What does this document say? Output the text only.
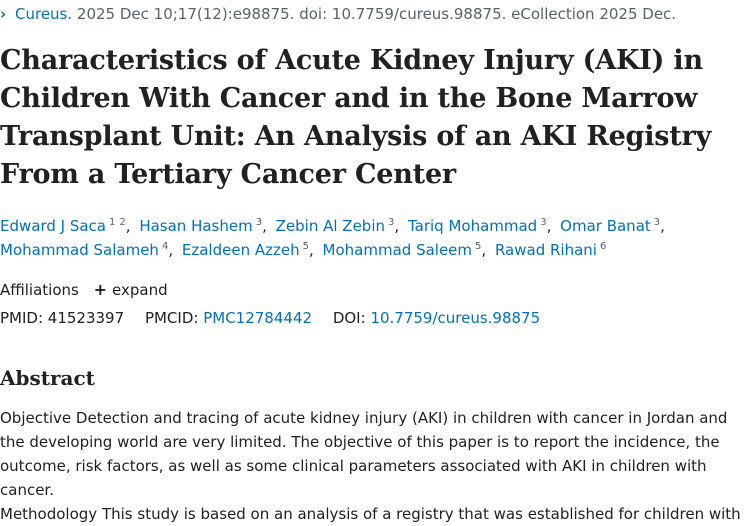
› Cureus. 2025 Dec 10;17(12):e98875. doi: 10.7759/cureus.98875. eCollection 2025 Dec.
Characteristics of Acute Kidney Injury (AKI) in Children With Cancer and in the Bone Marrow Transplant Unit: An Analysis of an AKI Registry From a Tertiary Cancer Center
Edward J Saca $^{1 2}$, Hasan Hashem $^3$, Zebin Al Zebin $^3$, Tariq Mohammad $^3$, Omar Banat $^3$, Mohammad Salameh $^4$, Ezaldeen Azzeh $^5$, Mohammad Saleem $^5$, Rawad Rihani $^6$
Affiliations + expand
PMID: 41523397 PMCID: PMC12784442 DOI: 10.7759/cureus.98875
Abstract

Objective Detection and tracing of acute kidney injury (AKI) in children with cancer in Jordan and the developing world are very limited. The objective of this paper is to report the incidence, the outcome, risk factors, as well as some clinical parameters associated with AKI in children with cancer.
Methodology This study is based on an analysis of a registry that was established for children with
